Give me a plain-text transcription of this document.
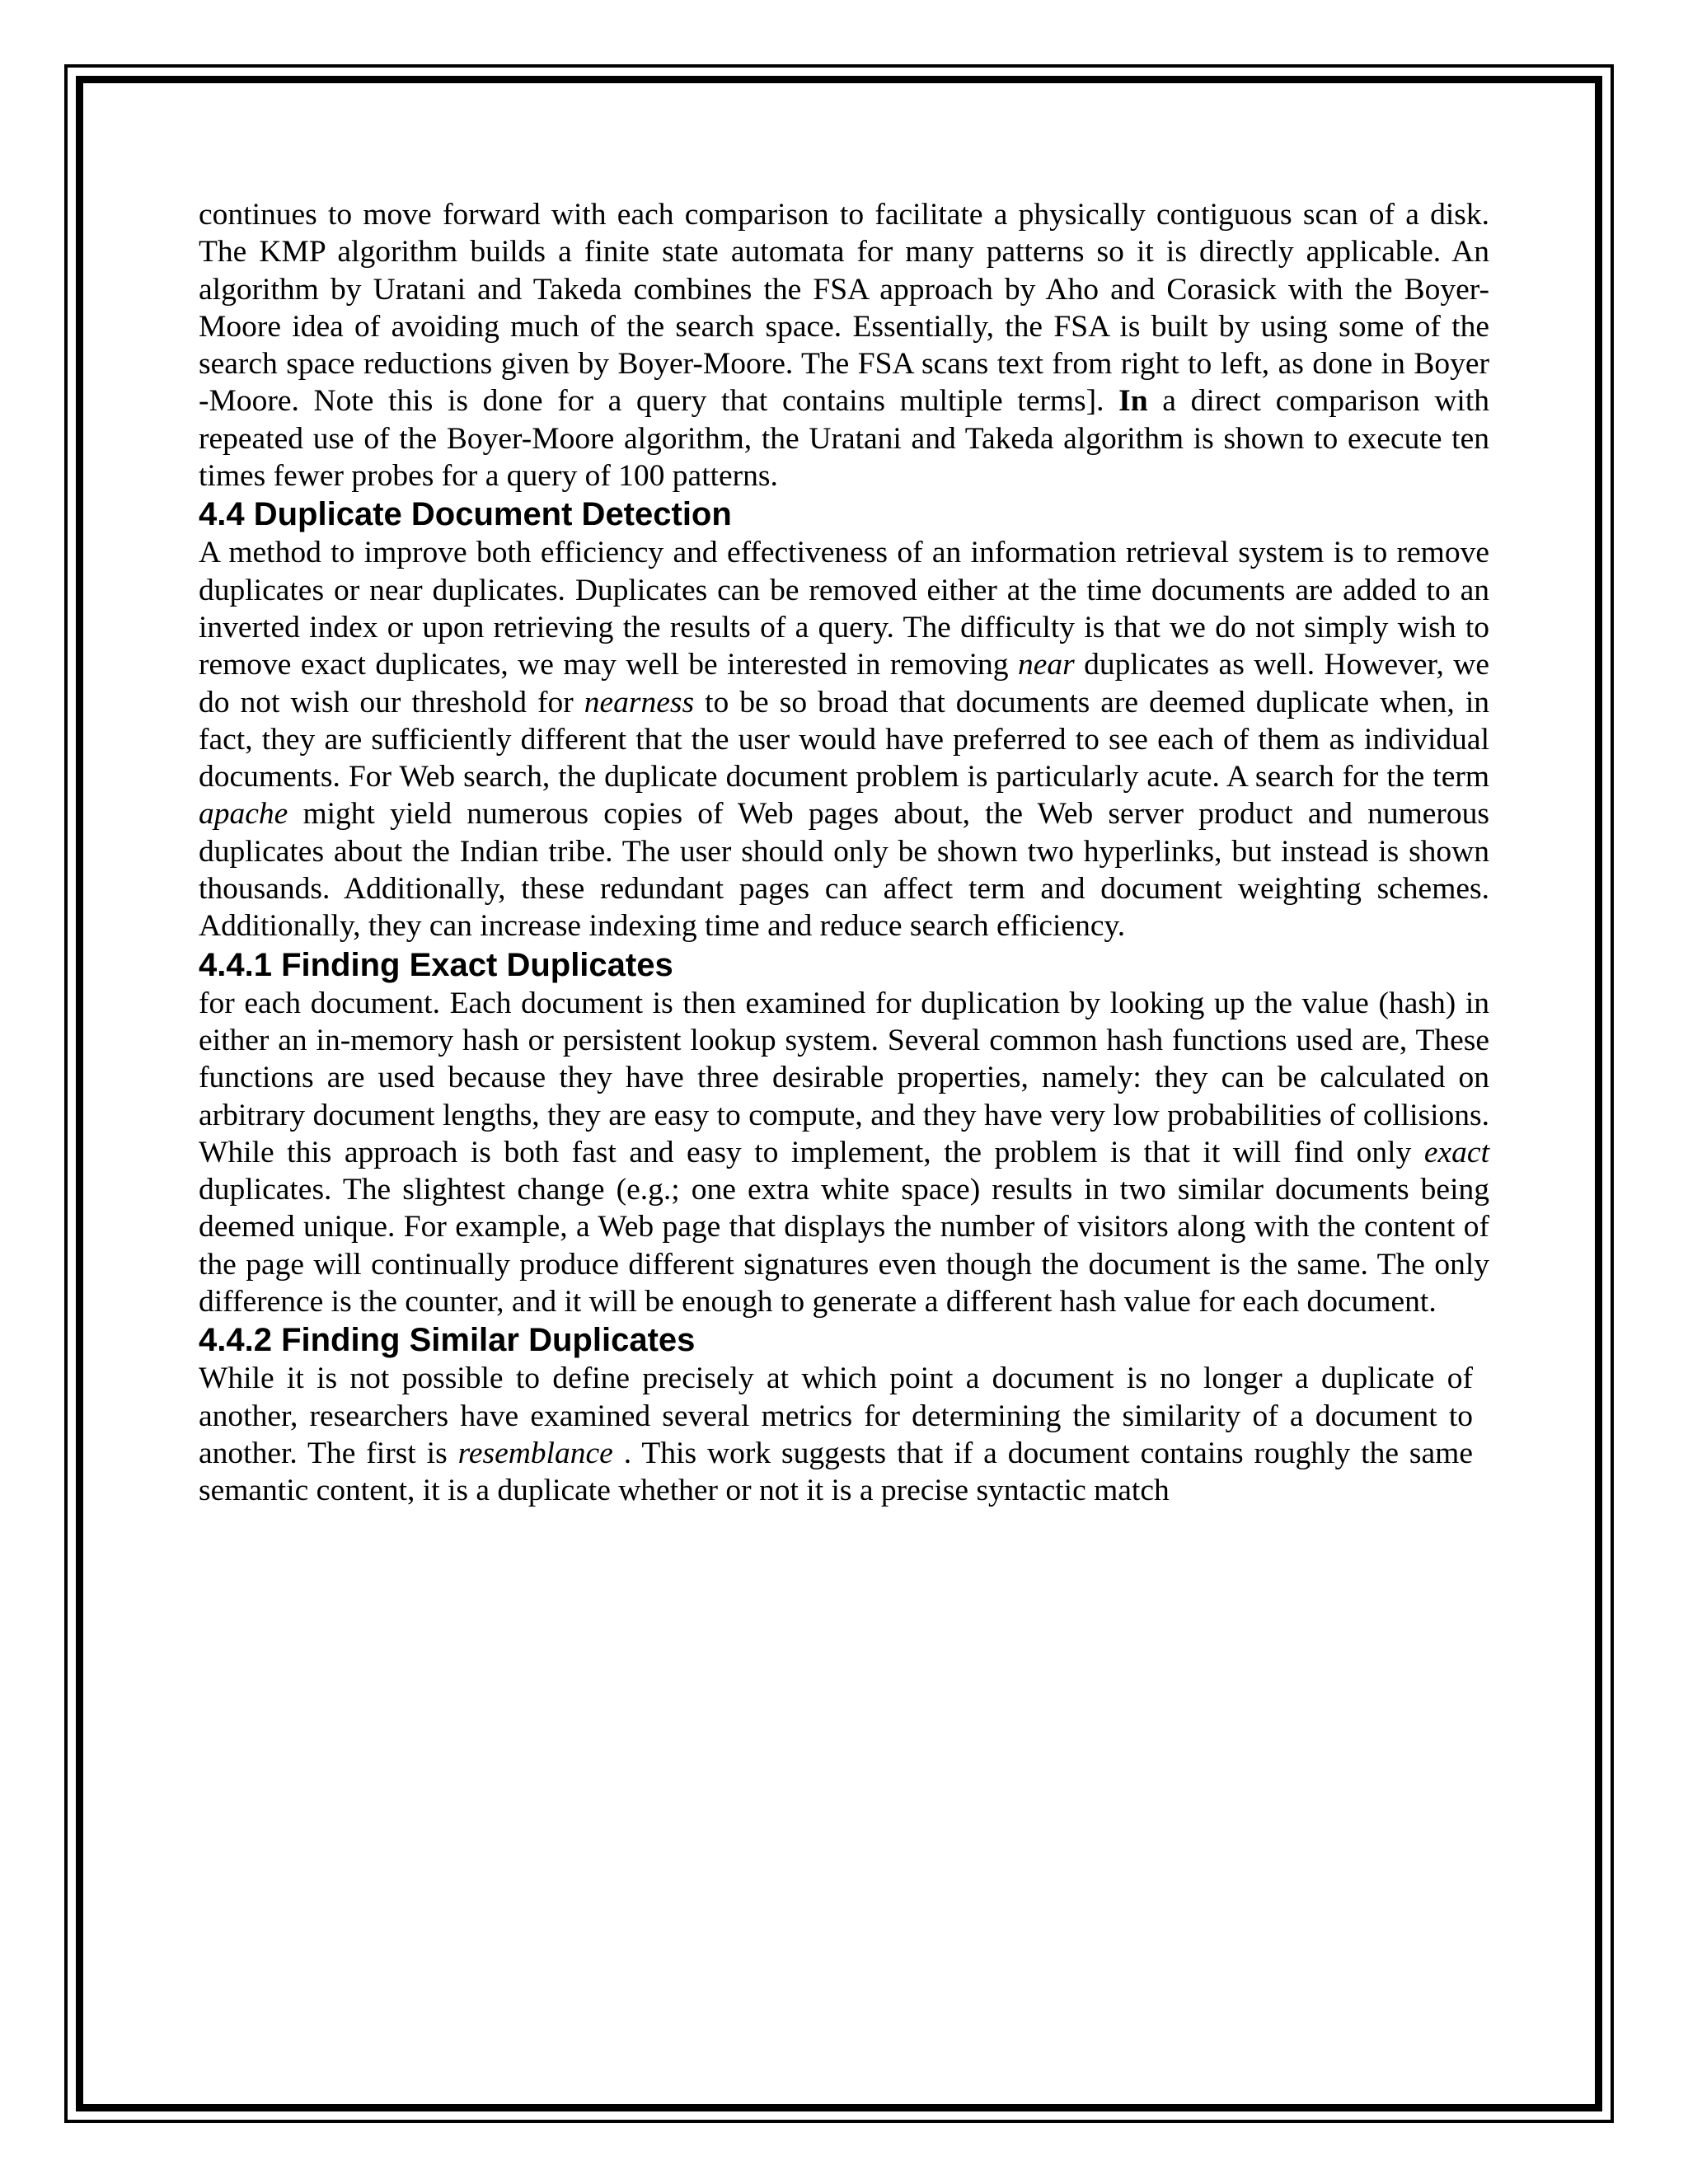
continues to move forward with each comparison to facilitate a physically contiguous scan of a disk. The KMP algorithm builds a finite state automata for many patterns so it is directly applicable. An algorithm by Uratani and Takeda combines the FSA approach by Aho and Corasick with the Boyer-Moore idea of avoiding much of the search space. Essentially, the FSA is built by using some of the search space reductions given by Boyer-Moore. The FSA scans text from right to left, as done in Boyer -Moore. Note this is done for a query that contains multiple terms]. In a direct comparison with repeated use of the Boyer-Moore algorithm, the Uratani and Takeda algorithm is shown to execute ten times fewer probes for a query of 100 patterns.

4.4 Duplicate Document Detection

A method to improve both efficiency and effectiveness of an information retrieval system is to remove duplicates or near duplicates. Duplicates can be removed either at the time documents are added to an inverted index or upon retrieving the results of a query. The difficulty is that we do not simply wish to remove exact duplicates, we may well be interested in removing near duplicates as well. However, we do not wish our threshold for nearness to be so broad that documents are deemed duplicate when, in fact, they are sufficiently different that the user would have preferred to see each of them as individual documents. For Web search, the duplicate document problem is particularly acute. A search for the term apache might yield numerous copies of Web pages about, the Web server product and numerous duplicates about the Indian tribe. The user should only be shown two hyperlinks, but instead is shown thousands. Additionally, these redundant pages can affect term and document weighting schemes. Additionally, they can increase indexing time and reduce search efficiency.

4.4.1 Finding Exact Duplicates

for each document. Each document is then examined for duplication by looking up the value (hash) in either an in-memory hash or persistent lookup system. Several common hash functions used are, These functions are used because they have three desirable properties, namely: they can be calculated on arbitrary document lengths, they are easy to compute, and they have very low probabilities of collisions. While this approach is both fast and easy to implement, the problem is that it will find only exact duplicates. The slightest change (e.g.; one extra white space) results in two similar documents being deemed unique. For example, a Web page that displays the number of visitors along with the content of the page will continually produce different signatures even though the document is the same. The only difference is the counter, and it will be enough to generate a different hash value for each document.

4.4.2 Finding Similar Duplicates

While it is not possible to define precisely at which point a document is no longer a duplicate of another, researchers have examined several metrics for determining the similarity of a document to another. The first is resemblance . This work suggests that if a document contains roughly the same semantic content, it is a duplicate whether or not it is a precise syntactic match
